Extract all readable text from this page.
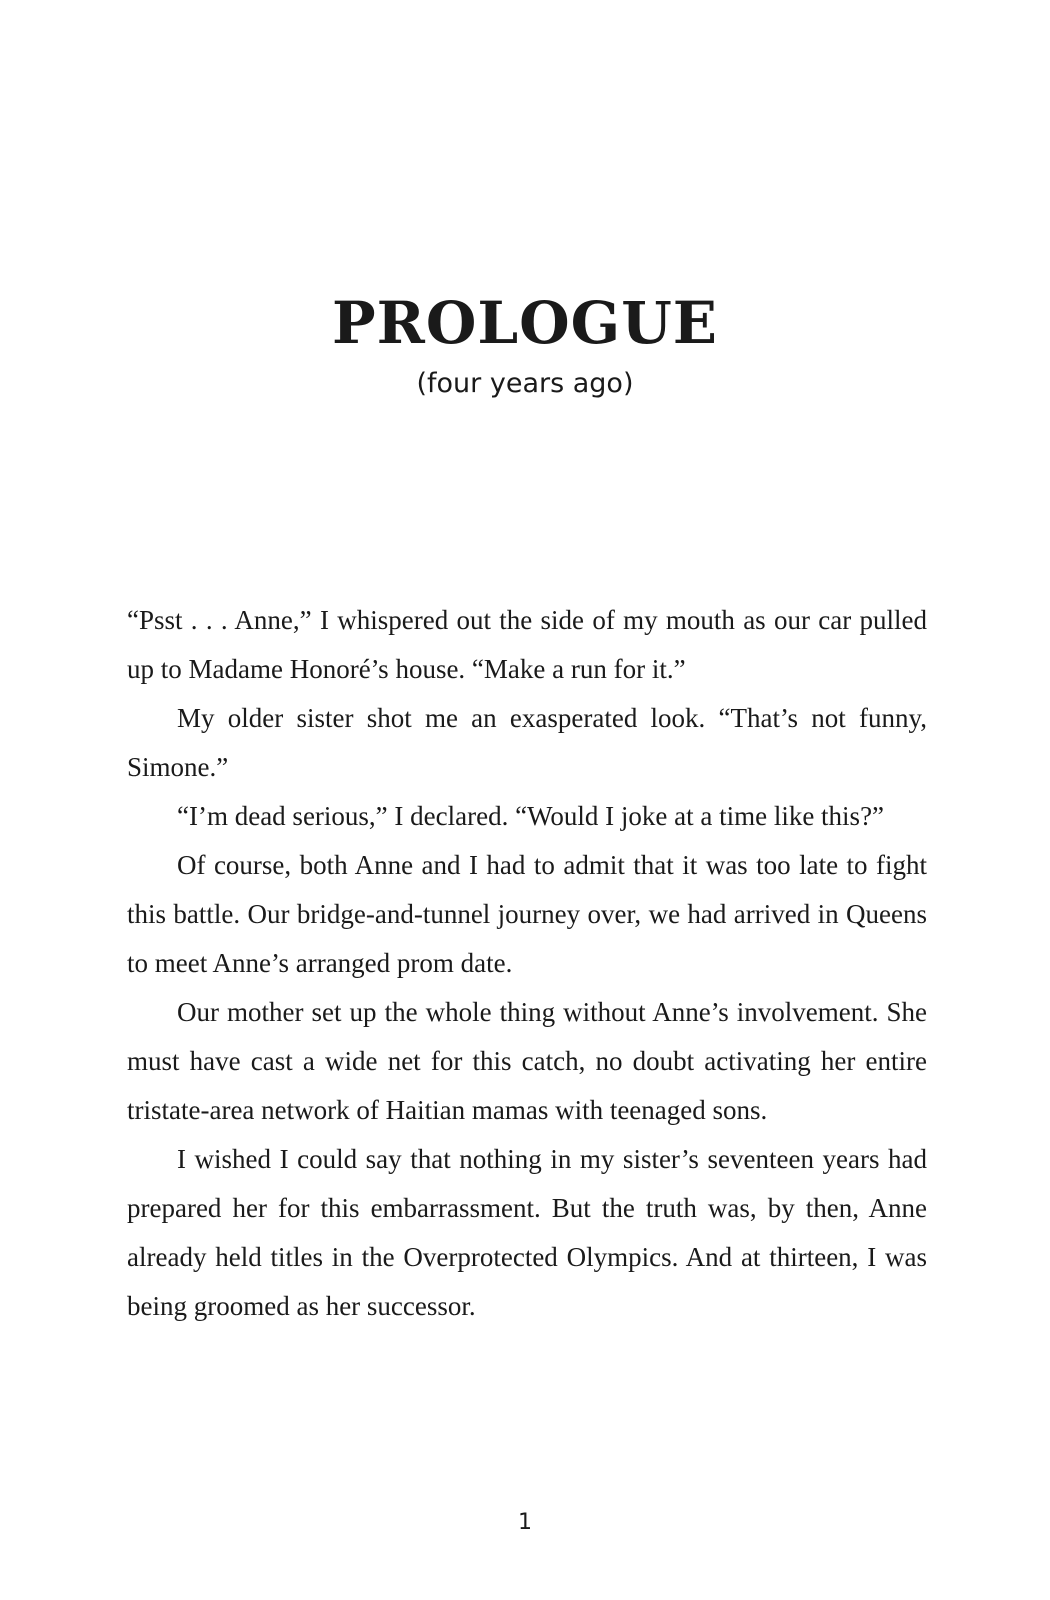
PROLOGUE
(four years ago)

“Psst . . . Anne,” I whispered out the side of my mouth as our car pulled up to Madame Honoré’s house. “Make a run for it.”

My older sister shot me an exasperated look. “That’s not funny, Simone.”

“I’m dead serious,” I declared. “Would I joke at a time like this?”

Of course, both Anne and I had to admit that it was too late to fight this battle. Our bridge-and-tunnel journey over, we had arrived in Queens to meet Anne’s arranged prom date.

Our mother set up the whole thing without Anne’s involvement. She must have cast a wide net for this catch, no doubt activating her entire tristate-area network of Haitian mamas with teenaged sons.

I wished I could say that nothing in my sister’s seventeen years had prepared her for this embarrassment. But the truth was, by then, Anne already held titles in the Overprotected Olympics. And at thirteen, I was being groomed as her successor.

1
